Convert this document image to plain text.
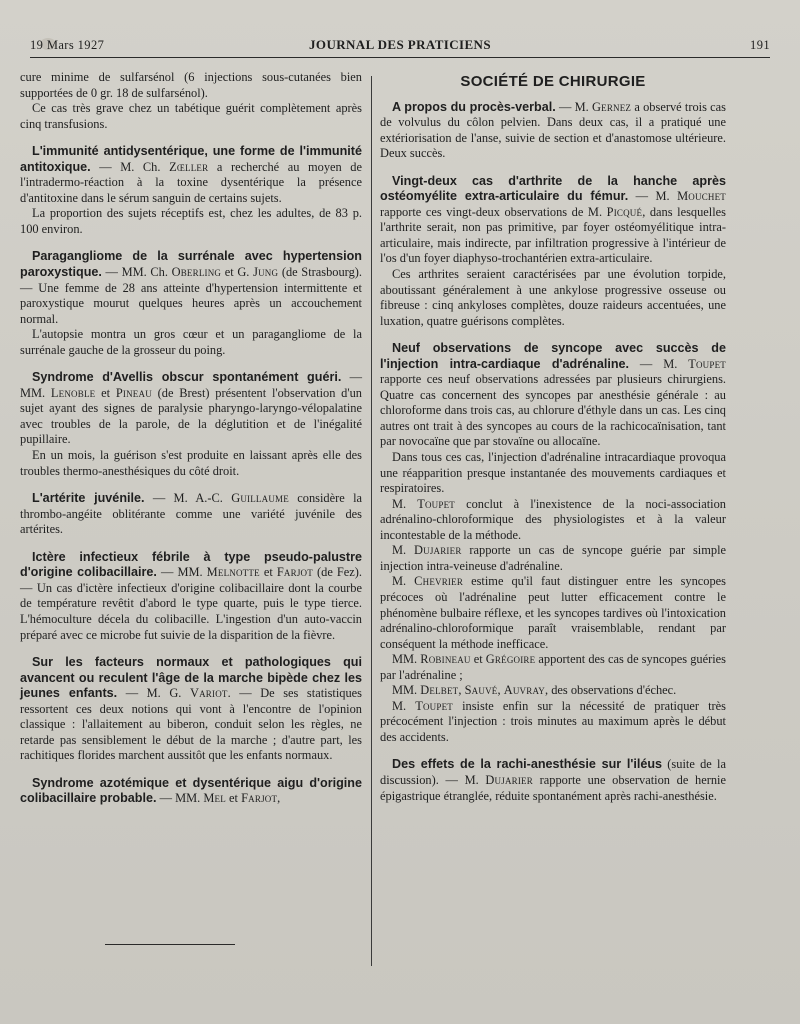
19 Mars 1927	JOURNAL DES PRATICIENS	191

cure minime de sulfarsénol (6 injections sous-cutanées bien supportées de 0 gr. 18 de sulfarsénol).

Ce cas très grave chez un tabétique guérit complètement après cinq transfusions.

L'immunité antidysentérique, une forme de l'immunité antitoxique. — M. Ch. Zœller a recherché au moyen de l'intradermo-réaction à la toxine dysentérique la présence d'antitoxine dans le sérum sanguin de certains sujets.

La proportion des sujets réceptifs est, chez les adultes, de 83 p. 100 environ.

Paragangliome de la surrénale avec hypertension paroxystique. — MM. Ch. Oberling et G. Jung (de Strasbourg). — Une femme de 28 ans atteinte d'hypertension intermittente et paroxystique mourut quelques heures après un accouchement normal.

L'autopsie montra un gros cœur et un paragangliome de la surrénale gauche de la grosseur du poing.

Syndrome d'Avellis obscur spontanément guéri. — MM. Lenoble et Pineau (de Brest) présentent l'observation d'un sujet ayant des signes de paralysie pharyngo-laryngo-vélopalatine avec troubles de la parole, de la déglutition et de l'inégalité pupillaire.

En un mois, la guérison s'est produite en laissant après elle des troubles thermo-anesthésiques du côté droit.

L'artérite juvénile. — M. A.-C. Guillaume considère la thrombo-angéite oblitérante comme une variété juvénile des artérites.

Ictère infectieux fébrile à type pseudo-palustre d'origine colibacillaire. — MM. Melnotte et Farjot (de Fez). — Un cas d'ictère infectieux d'origine colibacillaire dont la courbe de température revêtit d'abord le type quarte, puis le type tierce. L'hémoculture décela du colibacille. L'ingestion d'un auto-vaccin préparé avec ce microbe fut suivie de la disparition de la fièvre.

Sur les facteurs normaux et pathologiques qui avancent ou reculent l'âge de la marche bipède chez les jeunes enfants. — M. G. Variot. — De ses statistiques ressortent ces deux notions qui vont à l'encontre de l'opinion classique : l'allaitement au biberon, conduit selon les règles, ne retarde pas sensiblement le début de la marche ; d'autre part, les rachitiques florides marchent aussitôt que les enfants normaux.

Syndrome azotémique et dysentérique aigu d'origine colibacillaire probable. — MM. Mel et Farjot,

SOCIÉTÉ DE CHIRURGIE

A propos du procès-verbal. — M. Gernez a observé trois cas de volvulus du côlon pelvien. Dans deux cas, il a pratiqué une extériorisation de l'anse, suivie de section et d'anastomose ultérieure. Deux succès.

Vingt-deux cas d'arthrite de la hanche après ostéomyélite extra-articulaire du fémur. — M. Mouchet rapporte ces vingt-deux observations de M. Picqué, dans lesquelles l'arthrite serait, non pas primitive, par foyer ostéomyélitique intra-articulaire, mais indirecte, par infiltration progressive à l'intérieur de l'os d'un foyer diaphyso-trochantérien extra-articulaire.

Ces arthrites seraient caractérisées par une évolution torpide, aboutissant généralement à une ankylose progressive osseuse ou fibreuse : cinq ankyloses complètes, douze raideurs accentuées, une luxation, quatre guérisons complètes.

Neuf observations de syncope avec succès de l'injection intra-cardiaque d'adrénaline. — M. Toupet rapporte ces neuf observations adressées par plusieurs chirurgiens. Quatre cas concernent des syncopes par anesthésie générale : au chloroforme dans trois cas, au chlorure d'éthyle dans un cas. Les cinq autres ont trait à des syncopes au cours de la rachicocaïnisation, tant par novocaïne que par stovaïne ou allocaïne.

Dans tous ces cas, l'injection d'adrénaline intracardiaque provoqua une réapparition presque instantanée des mouvements cardiaques et respiratoires.

M. Toupet conclut à l'inexistence de la noci-association adrénalino-chloroformique des physiologistes et à la valeur incontestable de la méthode.

M. Dujarier rapporte un cas de syncope guérie par simple injection intra-veineuse d'adrénaline.

M. Chevrier estime qu'il faut distinguer entre les syncopes précoces où l'adrénaline peut lutter efficacement contre le phénomène bulbaire réflexe, et les syncopes tardives où l'intoxication adrénalino-chloroformique paraît vraisemblable, rendant par conséquent la méthode inefficace.

MM. Robineau et Grégoire apportent des cas de syncopes guéries par l'adrénaline ;

MM. Delbet, Sauvé, Auvray, des observations d'échec.

M. Toupet insiste enfin sur la nécessité de pratiquer très précocément l'injection : trois minutes au maximum après le début des accidents.

Des effets de la rachi-anesthésie sur l'iléus (suite de la discussion). — M. Dujarier rapporte une observation de hernie épigastrique étranglée, réduite spontanément après rachi-anesthésie.
